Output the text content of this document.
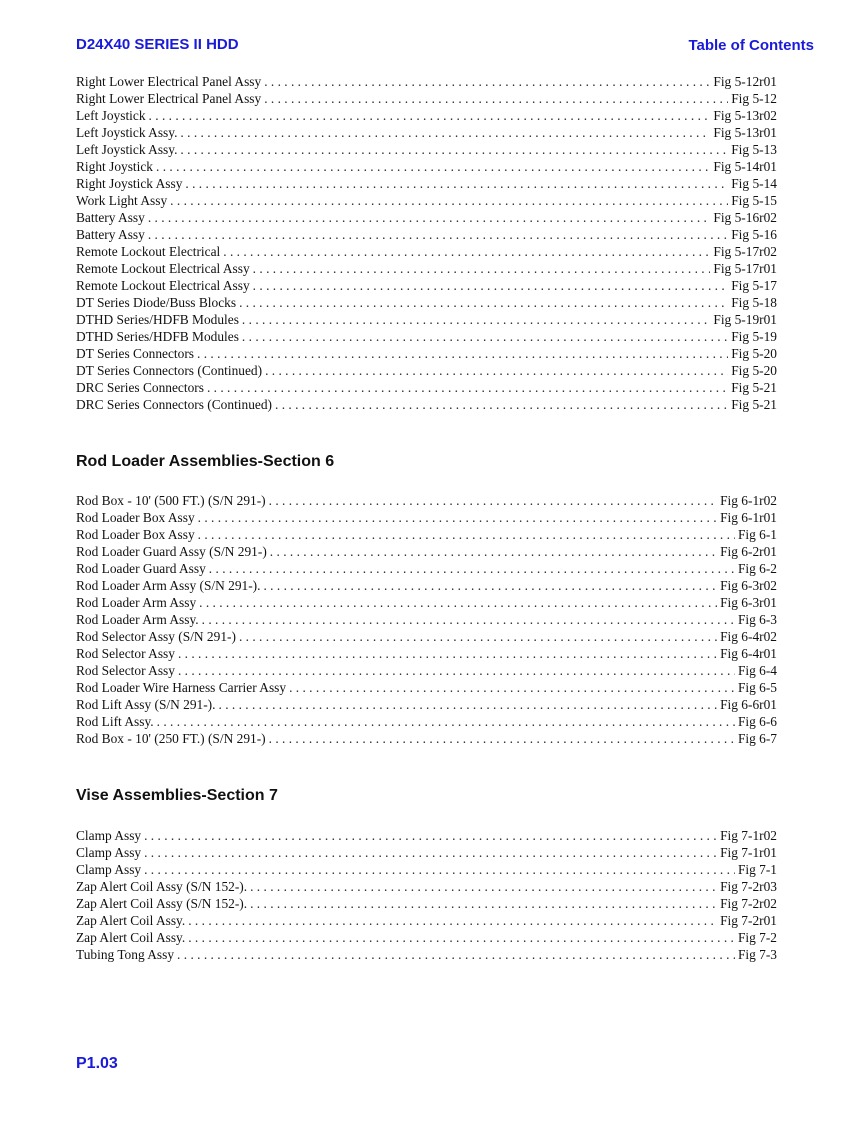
D24X40 SERIES II HDD	Table of Contents
Right Lower Electrical Panel Assy . . .	Fig 5-12r01
Right Lower Electrical Panel Assy . . .	Fig 5-12
Left Joystick . . .	Fig 5-13r02
Left Joystick Assy. . . .	Fig 5-13r01
Left Joystick Assy. . . .	Fig 5-13
Right Joystick . . .	Fig 5-14r01
Right Joystick Assy . . .	Fig 5-14
Work Light Assy . . .	Fig 5-15
Battery Assy . . .	Fig 5-16r02
Battery Assy . . .	Fig 5-16
Remote Lockout Electrical . . .	Fig 5-17r02
Remote Lockout Electrical Assy . . .	Fig 5-17r01
Remote Lockout Electrical Assy . . .	Fig 5-17
DT Series Diode/Buss Blocks . . .	Fig 5-18
DTHD Series/HDFB Modules . . .	Fig 5-19r01
DTHD Series/HDFB Modules . . .	Fig 5-19
DT Series Connectors . . .	Fig 5-20
DT Series Connectors (Continued) . . .	Fig 5-20
DRC Series Connectors . . .	Fig 5-21
DRC Series Connectors (Continued) . . .	Fig 5-21
Rod Loader Assemblies-Section 6
Rod Box - 10' (500 FT.) (S/N 291-) . . .	Fig 6-1r02
Rod Loader Box Assy . . .	Fig 6-1r01
Rod Loader Box Assy . . .	Fig 6-1
Rod Loader Guard Assy (S/N 291-) . . .	Fig 6-2r01
Rod Loader Guard Assy . . .	Fig 6-2
Rod Loader Arm Assy (S/N 291-). . . .	Fig 6-3r02
Rod Loader Arm Assy . . .	Fig 6-3r01
Rod Loader Arm Assy. . . .	Fig 6-3
Rod Selector Assy (S/N 291-) . . .	Fig 6-4r02
Rod Selector Assy . . .	Fig 6-4r01
Rod Selector Assy . . .	Fig 6-4
Rod Loader Wire Harness Carrier Assy . . .	Fig 6-5
Rod Lift Assy (S/N 291-). . . .	Fig 6-6r01
Rod Lift Assy. . . .	Fig 6-6
Rod Box - 10' (250 FT.) (S/N 291-) . . .	Fig 6-7
Vise Assemblies-Section 7
Clamp Assy . . .	Fig 7-1r02
Clamp Assy . . .	Fig 7-1r01
Clamp Assy . . .	Fig 7-1
Zap Alert Coil Assy (S/N 152-). . . .	Fig 7-2r03
Zap Alert Coil Assy (S/N 152-). . . .	Fig 7-2r02
Zap Alert Coil Assy. . . .	Fig 7-2r01
Zap Alert Coil Assy. . . .	Fig 7-2
Tubing Tong Assy . . .	Fig 7-3
P1.03
